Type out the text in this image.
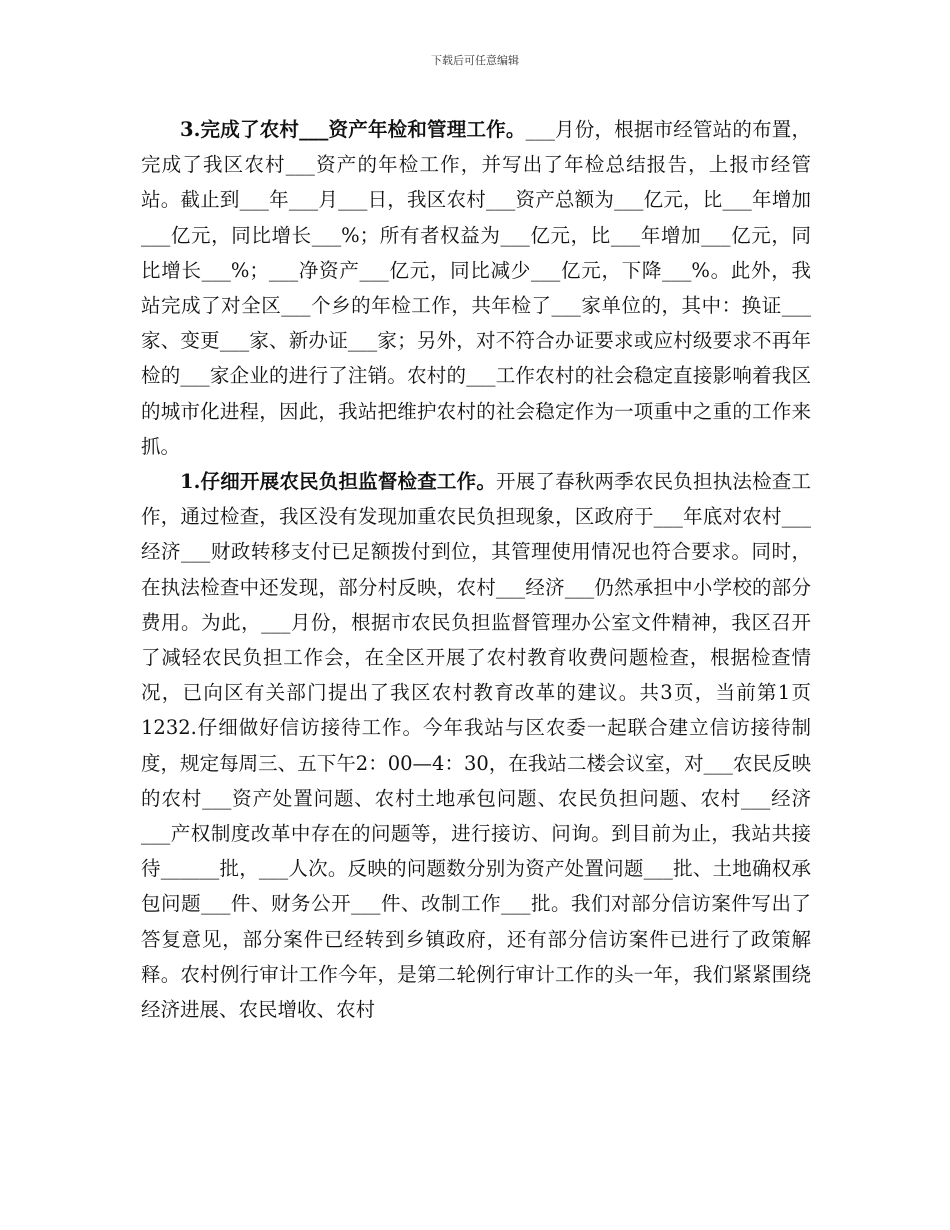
下载后可任意编辑

3.完成了农村___资产年检和管理工作。___月份，根据市经管站的布置，完成了我区农村___资产的年检工作，并写出了年检总结报告，上报市经管站。截止到___年___月___日，我区农村___资产总额为___亿元，比___年增加___亿元，同比增长___%；所有者权益为___亿元，比___年增加___亿元，同比增长___%；___净资产___亿元，同比减少___亿元，下降___%。此外，我站完成了对全区___个乡的年检工作，共年检了___家单位的，其中：换证___家、变更___家、新办证___家；另外，对不符合办证要求或应村级要求不再年检的___家企业的进行了注销。农村的___工作农村的社会稳定直接影响着我区的城市化进程，因此，我站把维护农村的社会稳定作为一项重中之重的工作来抓。

1.仔细开展农民负担监督检查工作。开展了春秋两季农民负担执法检查工作，通过检查，我区没有发现加重农民负担现象，区政府于___年底对农村___经济___财政转移支付已足额拨付到位，其管理使用情况也符合要求。同时，在执法检查中还发现，部分村反映，农村___经济___仍然承担中小学校的部分费用。为此，___月份，根据市农民负担监督管理办公室文件精神，我区召开了减轻农民负担工作会，在全区开展了农村教育收费问题检查，根据检查情况，已向区有关部门提出了我区农村教育改革的建议。共3页，当前第1页1232.仔细做好信访接待工作。今年我站与区农委一起联合建立信访接待制度，规定每周三、五下午2：00—4：30，在我站二楼会议室，对___农民反映的农村___资产处置问题、农村土地承包问题、农民负担问题、农村___经济___产权制度改革中存在的问题等，进行接访、问询。到目前为止，我站共接待______批，___人次。反映的问题数分别为资产处置问题___批、土地确权承包问题___件、财务公开___件、改制工作___批。我们对部分信访案件写出了答复意见，部分案件已经转到乡镇政府，还有部分信访案件已进行了政策解释。农村例行审计工作今年，是第二轮例行审计工作的头一年，我们紧紧围绕经济进展、农民增收、农村
